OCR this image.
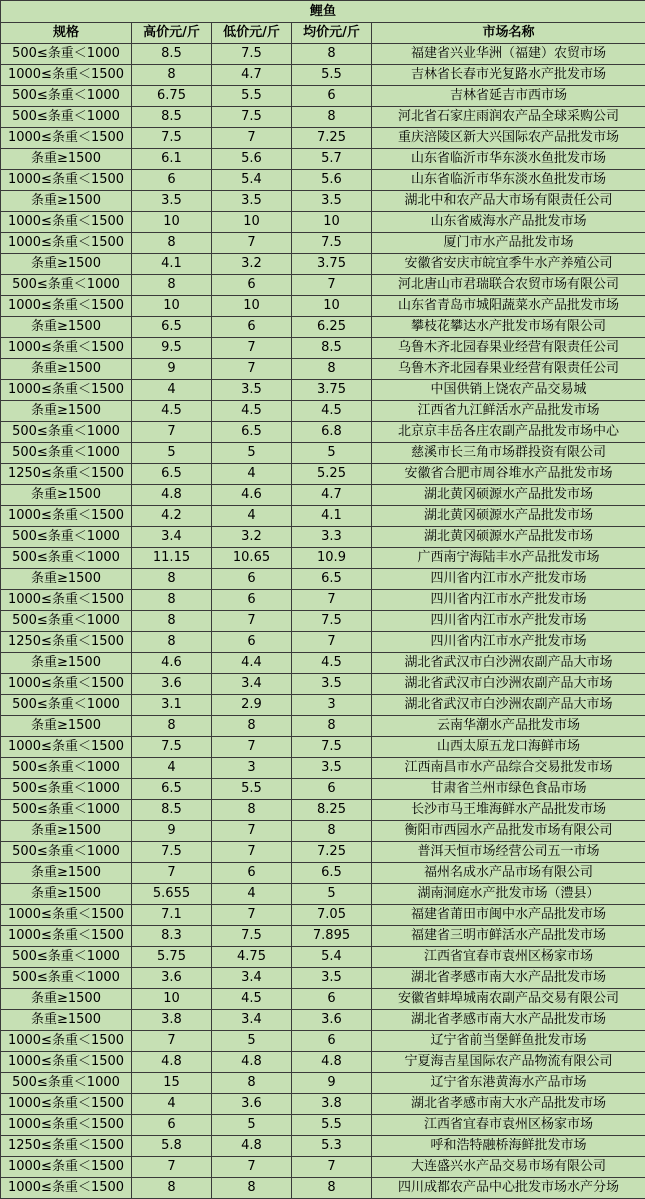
鲤鱼				
规格	高价元/斤	低价元/斤	均价元/斤	市场名称
500≤条重＜1000	8.5	7.5	8	福建省兴业华洲（福建）农贸市场
1000≤条重＜1500	8	4.7	5.5	吉林省长春市光复路水产批发市场
500≤条重＜1000	6.75	5.5	6	吉林省延吉市西市场
500≤条重＜1000	8.5	7.5	8	河北省石家庄雨润农产品全球采购公司
1000≤条重＜1500	7.5	7	7.25	重庆涪陵区新大兴国际农产品批发市场
条重≥1500	6.1	5.6	5.7	山东省临沂市华东淡水鱼批发市场
1000≤条重＜1500	6	5.4	5.6	山东省临沂市华东淡水鱼批发市场
条重≥1500	3.5	3.5	3.5	湖北中和农产品大市场有限责任公司
1000≤条重＜1500	10	10	10	山东省威海水产品批发市场
1000≤条重＜1500	8	7	7.5	厦门市水产品批发市场
条重≥1500	4.1	3.2	3.75	安徽省安庆市皖宜季牛水产养殖公司
500≤条重＜1000	8	6	7	河北唐山市君瑞联合农贸市场有限公司
1000≤条重＜1500	10	10	10	山东省青岛市城阳蔬菜水产品批发市场
条重≥1500	6.5	6	6.25	攀枝花攀达水产批发市场有限公司
1000≤条重＜1500	9.5	7	8.5	乌鲁木齐北园春果业经营有限责任公司
条重≥1500	9	7	8	乌鲁木齐北园春果业经营有限责任公司
1000≤条重＜1500	4	3.5	3.75	中国供销上饶农产品交易城
条重≥1500	4.5	4.5	4.5	江西省九江鲜活水产品批发市场
500≤条重＜1000	7	6.5	6.8	北京京丰岳各庄农副产品批发市场中心
500≤条重＜1000	5	5	5	慈溪市长三角市场群投资有限公司
1250≤条重＜1500	6.5	4	5.25	安徽省合肥市周谷堆水产品批发市场
条重≥1500	4.8	4.6	4.7	湖北黄冈硕源水产品批发市场
1000≤条重＜1500	4.2	4	4.1	湖北黄冈硕源水产品批发市场
500≤条重＜1000	3.4	3.2	3.3	湖北黄冈硕源水产品批发市场
500≤条重＜1000	11.15	10.65	10.9	广西南宁海陆丰水产品批发市场
条重≥1500	8	6	6.5	四川省内江市水产批发市场
1000≤条重＜1500	8	6	7	四川省内江市水产批发市场
500≤条重＜1000	8	7	7.5	四川省内江市水产批发市场
1250≤条重＜1500	8	6	7	四川省内江市水产批发市场
条重≥1500	4.6	4.4	4.5	湖北省武汉市白沙洲农副产品大市场
1000≤条重＜1500	3.6	3.4	3.5	湖北省武汉市白沙洲农副产品大市场
500≤条重＜1000	3.1	2.9	3	湖北省武汉市白沙洲农副产品大市场
条重≥1500	8	8	8	云南华潮水产品批发市场
1000≤条重＜1500	7.5	7	7.5	山西太原五龙口海鲜市场
500≤条重＜1000	4	3	3.5	江西南昌市水产品综合交易批发市场
500≤条重＜1000	6.5	5.5	6	甘肃省兰州市绿色食品市场
500≤条重＜1000	8.5	8	8.25	长沙市马王堆海鲜水产品批发市场
条重≥1500	9	7	8	衡阳市西园水产品批发市场有限公司
500≤条重＜1000	7.5	7	7.25	普洱天恒市场经营公司五一市场
条重≥1500	7	6	6.5	福州名成水产品市场有限公司
条重≥1500	5.655	4	5	湖南洞庭水产批发市场（澧县）
1000≤条重＜1500	7.1	7	7.05	福建省莆田市闽中水产品批发市场
1000≤条重＜1500	8.3	7.5	7.895	福建省三明市鲜活水产品批发市场
500≤条重＜1000	5.75	4.75	5.4	江西省宜春市袁州区杨家市场
500≤条重＜1000	3.6	3.4	3.5	湖北省孝感市南大水产品批发市场
条重≥1500	10	4.5	6	安徽省蚌埠城南农副产品交易有限公司
条重≥1500	3.8	3.4	3.6	湖北省孝感市南大水产品批发市场
1000≤条重＜1500	7	5	6	辽宁省前当堡鲜鱼批发市场
1000≤条重＜1500	4.8	4.8	4.8	宁夏海吉星国际农产品物流有限公司
500≤条重＜1000	15	8	9	辽宁省东港黄海水产品市场
1000≤条重＜1500	4	3.6	3.8	湖北省孝感市南大水产品批发市场
1000≤条重＜1500	6	5	5.5	江西省宜春市袁州区杨家市场
1250≤条重＜1500	5.8	4.8	5.3	呼和浩特融桥海鲜批发市场
1000≤条重＜1500	7	7	7	大连盛兴水产品交易市场有限公司
1000≤条重＜1500	8	8	8	四川成都农产品中心批发市场水产分场
